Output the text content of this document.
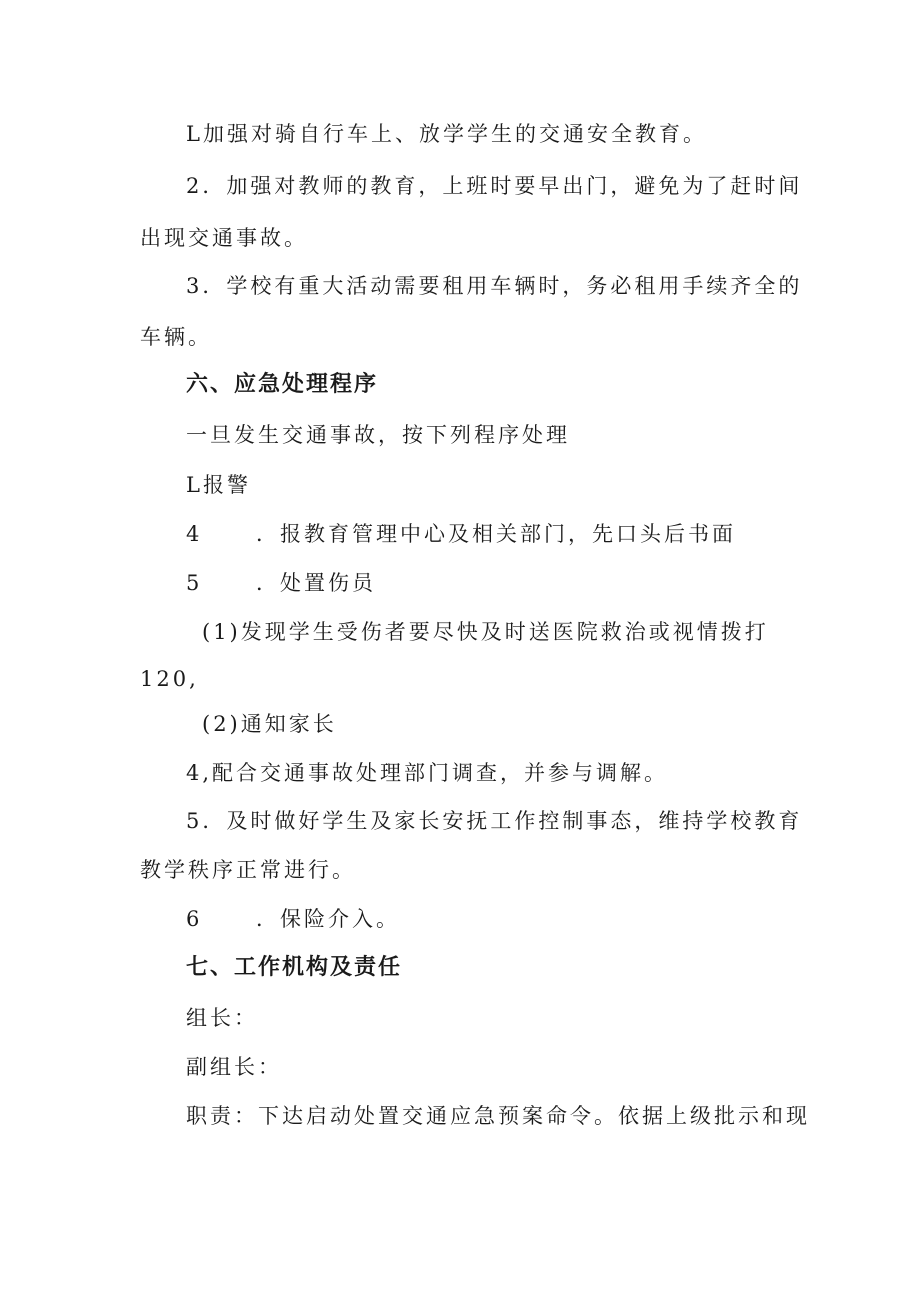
L加强对骑自行车上、放学学生的交通安全教育。
2．加强对教师的教育，上班时要早出门，避免为了赶时间
出现交通事故。
3．学校有重大活动需要租用车辆时，务必租用手续齐全的
车辆。
六、应急处理程序
一旦发生交通事故，按下列程序处理
L报警
4	．报教育管理中心及相关部门，先口头后书面
5	．处置伤员
(1)发现学生受伤者要尽快及时送医院救治或视情拨打
120,
(2)通知家长
4,配合交通事故处理部门调查，并参与调解。
5．及时做好学生及家长安抚工作控制事态，维持学校教育
教学秩序正常进行。
6	．保险介入。
七、工作机构及责任
组长：
副组长：
职责：下达启动处置交通应急预案命令。依据上级批示和现
